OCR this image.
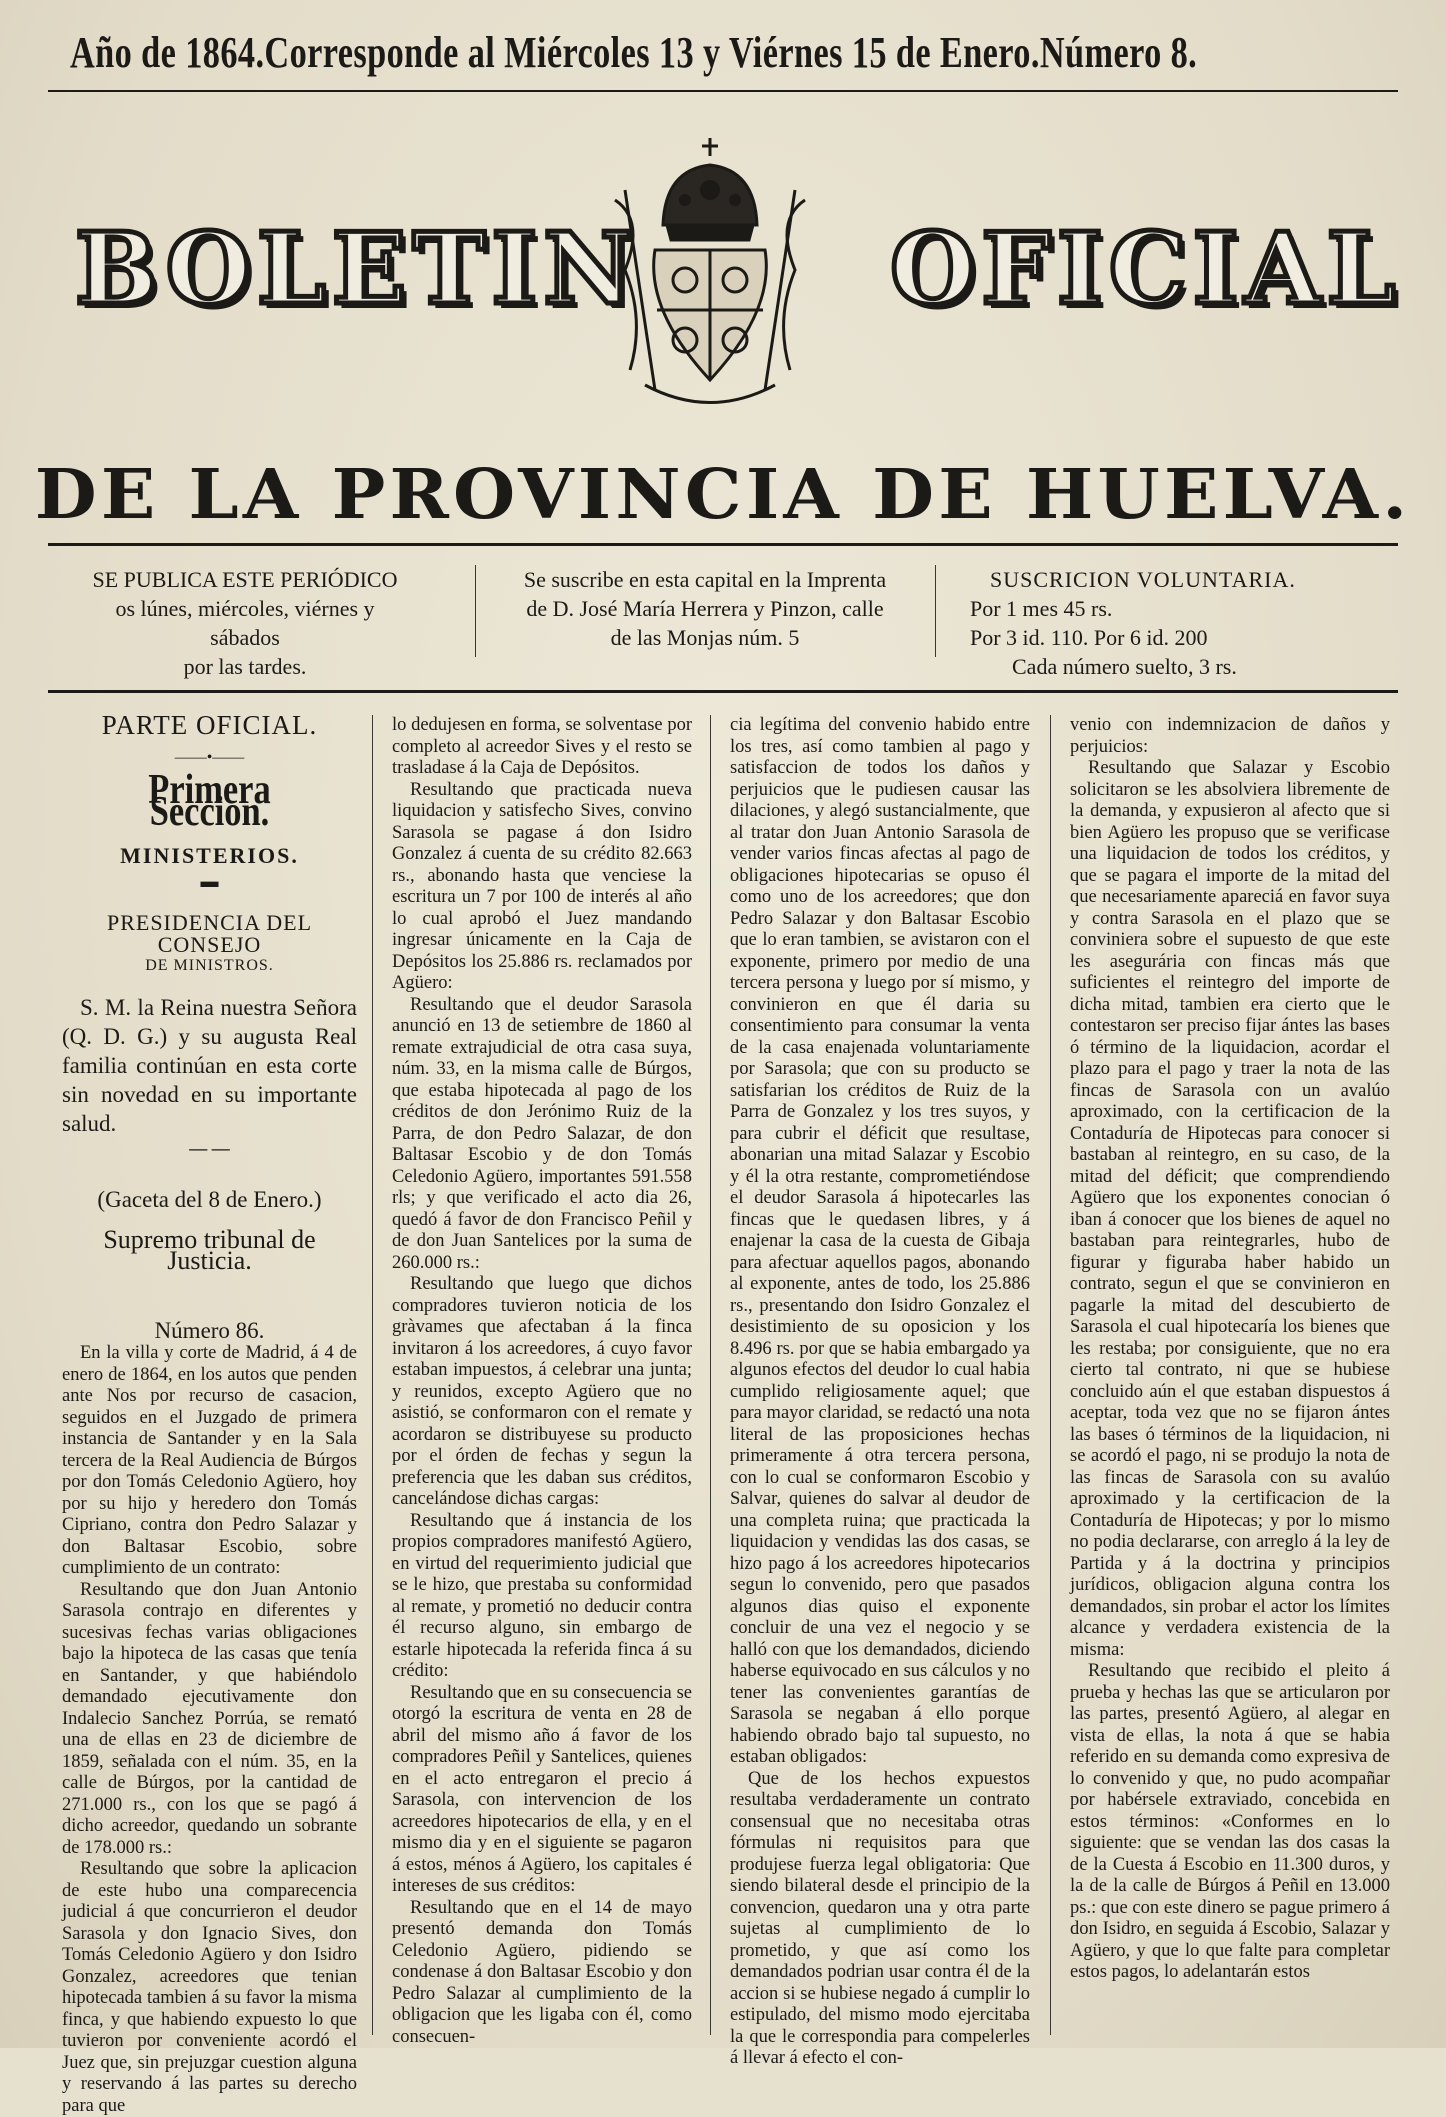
Año de 1864. Corresponde al Miércoles 13 y Viérnes 15 de Enero. Número 8.
BOLETIN	OFICIAL
DE LA PROVINCIA DE HUELVA.
SE PUBLICA ESTE PERIÓDICO
os lúnes, miércoles, viérnes y sábados
por las tardes.
Se suscribe en esta capital en la Imprenta
de D. José María Herrera y Pinzon, calle
de las Monjas núm. 5
SUSCRICION VOLUNTARIA.
Por 1 mes 45 rs.
Por 3 id. 110. Por 6 id. 200
Cada número suelto, 3 rs.
PARTE OFICIAL.
――•――
Primera Seccion.
MINISTERIOS.
▬
PRESIDENCIA DEL CONSEJO
DE MINISTROS.

S. M. la Reina nuestra Señora (Q. D. G.) y su augusta Real familia continúan en esta corte sin novedad en su importante salud.

— —
(Gaceta del 8 de Enero.)
Supremo tribunal de Justicia.
Número 86.

En la villa y corte de Madrid, á 4 de enero de 1864, en los autos que penden ante Nos por recurso de casacion, seguidos en el Juzgado de primera instancia de Santander y en la Sala tercera de la Real Audiencia de Búrgos por don Tomás Celedonio Agüero, hoy por su hijo y heredero don Tomás Cipriano, contra don Pedro Salazar y don Baltasar Escobio, sobre cumplimiento de un contrato:

Resultando que don Juan Antonio Sarasola contrajo en diferentes y sucesivas fechas varias obligaciones bajo la hipoteca de las casas que tenía en Santander, y que habiéndolo demandado ejecutivamente don Indalecio Sanchez Porrúa, se remató una de ellas en 23 de diciembre de 1859, señalada con el núm. 35, en la calle de Búrgos, por la cantidad de 271.000 rs., con los que se pagó á dicho acreedor, quedando un sobrante de 178.000 rs.:

Resultando que sobre la aplicacion de este hubo una comparecencia judicial á que concurrieron el deudor Sarasola y don Ignacio Sives, don Tomás Celedonio Agüero y don Isidro Gonzalez, acreedores que tenian hipotecada tambien á su favor la misma finca, y que habiendo expuesto lo que tuvieron por conveniente acordó el Juez que, sin prejuzgar cuestion alguna y reservando á las partes su derecho para que

lo dedujesen en forma, se solventase por completo al acreedor Sives y el resto se trasladase á la Caja de Depósitos.

Resultando que practicada nueva liquidacion y satisfecho Sives, convino Sarasola se pagase á don Isidro Gonzalez á cuenta de su crédito 82.663 rs., abonando hasta que venciese la escritura un 7 por 100 de interés al año lo cual aprobó el Juez mandando ingresar únicamente en la Caja de Depósitos los 25.886 rs. reclamados por Agüero:

Resultando que el deudor Sarasola anunció en 13 de setiembre de 1860 al remate extrajudicial de otra casa suya, núm. 33, en la misma calle de Búrgos, que estaba hipotecada al pago de los créditos de don Jerónimo Ruiz de la Parra, de don Pedro Salazar, de don Baltasar Escobio y de don Tomás Celedonio Agüero, importantes 591.558 rls; y que verificado el acto dia 26, quedó á favor de don Francisco Peñil y de don Juan Santelices por la suma de 260.000 rs.:

Resultando que luego que dichos compradores tuvieron noticia de los gràvames que afectaban á la finca invitaron á los acreedores, á cuyo favor estaban impuestos, á celebrar una junta; y reunidos, excepto Agüero que no asistió, se conformaron con el remate y acordaron se distribuyese su producto por el órden de fechas y segun la preferencia que les daban sus créditos, cancelándose dichas cargas:

Resultando que á instancia de los propios compradores manifestó Agüero, en virtud del requerimiento judicial que se le hizo, que prestaba su conformidad al remate, y prometió no deducir contra él recurso alguno, sin embargo de estarle hipotecada la referida finca á su crédito:

Resultando que en su consecuencia se otorgó la escritura de venta en 28 de abril del mismo año á favor de los compradores Peñil y Santelices, quienes en el acto entregaron el precio á Sarasola, con intervencion de los acreedores hipotecarios de ella, y en el mismo dia y en el siguiente se pagaron á estos, ménos á Agüero, los capitales é intereses de sus créditos:

Resultando que en el 14 de mayo presentó demanda don Tomás Celedonio Agüero, pidiendo se condenase á don Baltasar Escobio y don Pedro Salazar al cumplimiento de la obligacion que les ligaba con él, como consecuen-

cia legítima del convenio habido entre los tres, así como tambien al pago y satisfaccion de todos los daños y perjuicios que le pudiesen causar las dilaciones, y alegó sustancialmente, que al tratar don Juan Antonio Sarasola de vender varios fincas afectas al pago de obligaciones hipotecarias se opuso él como uno de los acreedores; que don Pedro Salazar y don Baltasar Escobio que lo eran tambien, se avistaron con el exponente, primero por medio de una tercera persona y luego por sí mismo, y convinieron en que él daria su consentimiento para consumar la venta de la casa enajenada voluntariamente por Sarasola; que con su producto se satisfarian los créditos de Ruiz de la Parra de Gonzalez y los tres suyos, y para cubrir el déficit que resultase, abonarian una mitad Salazar y Escobio y él la otra restante, comprometiéndose el deudor Sarasola á hipotecarles las fincas que le quedasen libres, y á enajenar la casa de la cuesta de Gibaja para afectuar aquellos pagos, abonando al exponente, antes de todo, los 25.886 rs., presentando don Isidro Gonzalez el desistimiento de su oposicion y los 8.496 rs. por que se habia embargado ya algunos efectos del deudor lo cual habia cumplido religiosamente aquel; que para mayor claridad, se redactó una nota literal de las proposiciones hechas primeramente á otra tercera persona, con lo cual se conformaron Escobio y Salvar, quienes do salvar al deudor de una completa ruina; que practicada la liquidacion y vendidas las dos casas, se hizo pago á los acreedores hipotecarios segun lo convenido, pero que pasados algunos dias quiso el exponente concluir de una vez el negocio y se halló con que los demandados, diciendo haberse equivocado en sus cálculos y no tener las convenientes garantías de Sarasola se negaban á ello porque habiendo obrado bajo tal supuesto, no estaban obligados:

Que de los hechos expuestos resultaba verdaderamente un contrato consensual que no necesitaba otras fórmulas ni requisitos para que produjese fuerza legal obligatoria: Que siendo bilateral desde el principio de la convencion, quedaron una y otra parte sujetas al cumplimiento de lo prometido, y que así como los demandados podrian usar contra él de la accion si se hubiese negado á cumplir lo estipulado, del mismo modo ejercitaba la que le correspondia para compelerles á llevar á efecto el con-

venio con indemnizacion de daños y perjuicios:

Resultando que Salazar y Escobio solicitaron se les absolviera libremente de la demanda, y expusieron al afecto que si bien Agüero les propuso que se verificase una liquidacion de todos los créditos, y que se pagara el importe de la mitad del que necesariamente apareciá en favor suya y contra Sarasola en el plazo que se conviniera sobre el supuesto de que este les asegurária con fincas más que suficientes el reintegro del importe de dicha mitad, tambien era cierto que le contestaron ser preciso fijar ántes las bases ó término de la liquidacion, acordar el plazo para el pago y traer la nota de las fincas de Sarasola con un avalúo aproximado, con la certificacion de la Contaduría de Hipotecas para conocer si bastaban al reintegro, en su caso, de la mitad del déficit; que comprendiendo Agüero que los exponentes conocian ó iban á conocer que los bienes de aquel no bastaban para reintegrarles, hubo de figurar y figuraba haber habido un contrato, segun el que se convinieron en pagarle la mitad del descubierto de Sarasola el cual hipotecaría los bienes que les restaba; por consiguiente, que no era cierto tal contrato, ni que se hubiese concluido aún el que estaban dispuestos á aceptar, toda vez que no se fijaron ántes las bases ó términos de la liquidacion, ni se acordó el pago, ni se produjo la nota de las fincas de Sarasola con su avalúo aproximado y la certificacion de la Contaduría de Hipotecas; y por lo mismo no podia declararse, con arreglo á la ley de Partida y á la doctrina y principios jurídicos, obligacion alguna contra los demandados, sin probar el actor los límites alcance y verdadera existencia de la misma:

Resultando que recibido el pleito á prueba y hechas las que se articularon por las partes, presentó Agüero, al alegar en vista de ellas, la nota á que se habia referido en su demanda como expresiva de lo convenido y que, no pudo acompañar por habérsele extraviado, concebida en estos términos: «Conformes en lo siguiente: que se vendan las dos casas la de la Cuesta á Escobio en 11.300 duros, y la de la calle de Búrgos á Peñil en 13.000 ps.: que con este dinero se pague primero á don Isidro, en seguida á Escobio, Salazar y Agüero, y que lo que falte para completar estos pagos, lo adelantarán estos
